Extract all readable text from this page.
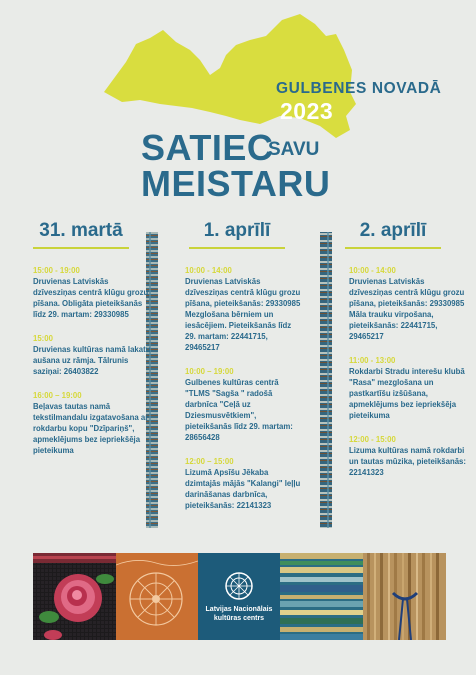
GULBENES NOVADĀ
2023
SATIEC
SAVU
MEISTARU
31. martā	1. aprīlī	2. aprīlī
15:00 - 19:00
Druvienas Latviskās dzīvesziņas centrā klūgu grozu pīšana. Obligāta pieteikšanās līdz 29. martam: 29330985
15:00
Druvienas kultūras namā lakatu aušana uz rāmja. Tālrunis saziņai: 26403822
16:00 – 19:00
Beļavas tautas namā tekstilmandalu izgatavošana ar rokdarbu kopu "Dzīpariņš", apmeklējums bez iepriekšēja pieteikuma
10:00 - 14:00
Druvienas Latviskās dzīvesziņas centrā klūgu grozu pīšana, pieteikšanās: 29330985 Mezglošana bērniem un iesācējiem. Pieteikšanās līdz 29. martam: 22441715, 29465217
10:00 – 19:00
Gulbenes kultūras centrā "TLMS "Sagša " radošā darbnīca "Ceļā uz Dziesmusvētkiem", pieteikšanās līdz 29. martam: 28656428
12:00 – 15:00
Lizumā Apsīšu Jēkaba dzimtajās mājās "Kalangi" leļļu darināšanas darbnīca, pieteikšanās: 22141323
10:00 - 14:00
Druvienas Latviskās dzīvesziņas centrā klūgu grozu pīšana, pieteikšanās: 29330985 Māla trauku virpošana, pieteikšanās: 22441715, 29465217
11:00 - 13:00
Rokdarbi Stradu interešu klubā "Rasa" mezglošana un pastkartīšu izšūšana, apmeklējums bez iepriekšēja pieteikuma
12:00 - 15:00
Lizuma kultūras namā rokdarbi un tautas mūzika, pieteikšanās: 22141323
Latvijas Nacionālais
kultūras centrs
